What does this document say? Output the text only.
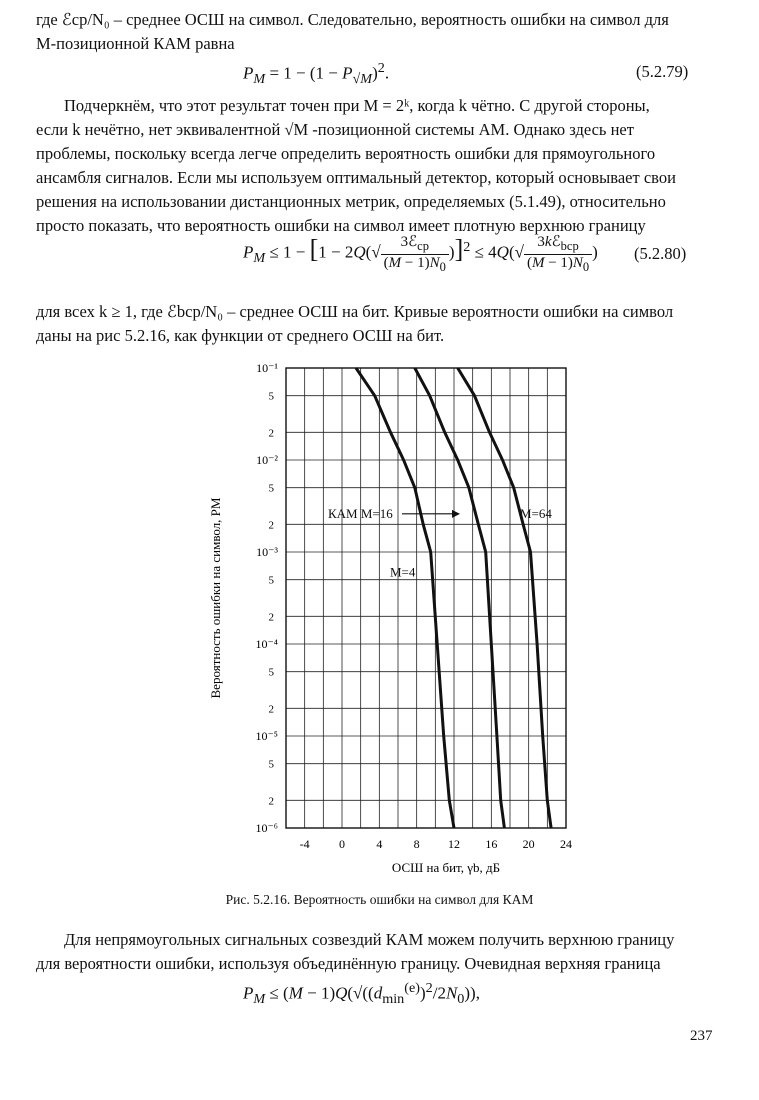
где ℰср/N₀ – среднее ОСШ на символ. Следовательно, вероятность ошибки на символ для
M-позиционной КАМ равна

$P_M = 1 - (1 - P_{√M})^2$.	(5.2.79)

Подчеркнём, что этот результат точен при M = 2ᵏ, когда k чётно. С другой стороны,
если k нечётно, нет эквивалентной √M -позиционной системы АМ. Однако здесь нет
проблемы, поскольку всегда легче определить вероятность ошибки для прямоугольного
ансамбля сигналов. Если мы используем оптимальный детектор, который основывает свои
решения на использовании дистанционных метрик, определяемых (5.1.49), относительно
просто показать, что вероятность ошибки на символ имеет плотную верхнюю границу

$P_M \le 1 - [1 - 2Q(√ \frac{3ℰ_{ср}}{(M - 1)N_0} )]^2 \le 4Q(√ \frac{3kℰ_{bср}}{(M - 1)N_0}$ ) (5.2.80)

для всех k ≥ 1, где ℰbср/N₀ – среднее ОСШ на бит. Кривые вероятности ошибки на символ
даны на рис 5.2.16, как функции от среднего ОСШ на бит.

10⁻¹
5
2
10⁻²
5
2
10⁻³
5
2
10⁻⁴
5
2
10⁻⁵
5
2
10⁻⁶
-4 0	4	8 12 16 20 24
ОСШ на бит, γb, дБ
Вероятность ошибки на символ, PM	КАМ M=16	M=64
M=4
Рис. 5.2.16. Вероятность ошибки на символ для КАМ

Для непрямоугольных сигнальных созвездий КАМ можем получить верхнюю границу
для вероятности ошибки, используя объединённую границу. Очевидная верхняя граница

$P_M \le (M - 1)Q(√((d_{min}^{(e)})^2/2N_0))$,
237
